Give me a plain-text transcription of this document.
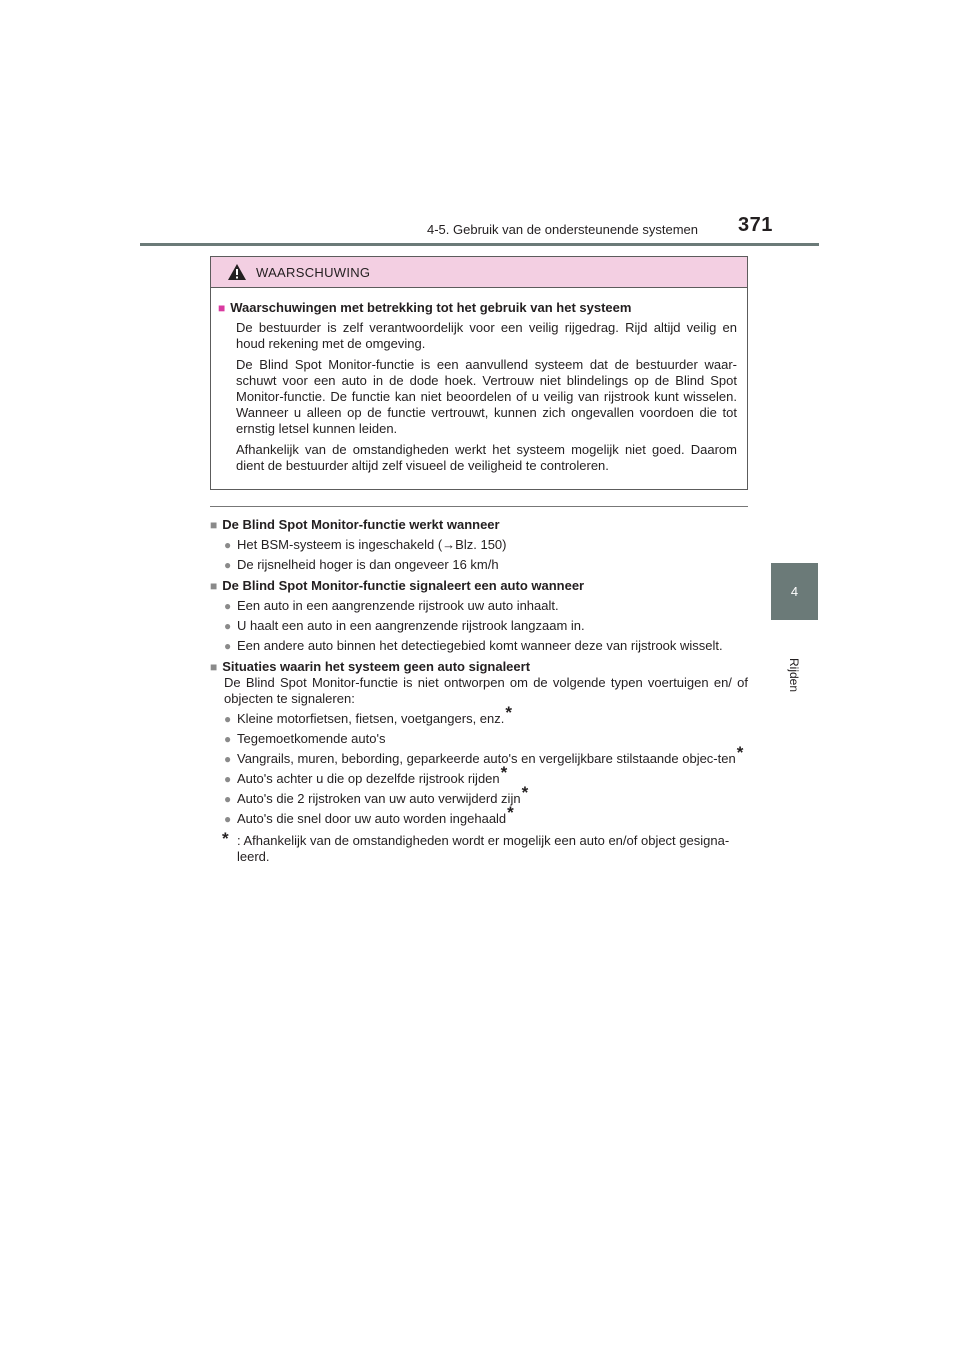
4-5. Gebruik van de ondersteunende systemen 371
4
Rijden
WAARSCHUWING
■ Waarschuwingen met betrekking tot het gebruik van het systeem

De bestuurder is zelf verantwoordelijk voor een veilig rijgedrag. Rijd altijd veilig en houd rekening met de omgeving.

De Blind Spot Monitor-functie is een aanvullend systeem dat de bestuurder waar-schuwt voor een auto in de dode hoek. Vertrouw niet blindelings op de Blind Spot Monitor-functie. De functie kan niet beoordelen of u veilig van rijstrook kunt wisselen. Wanneer u alleen op de functie vertrouwt, kunnen zich ongevallen voordoen die tot ernstig letsel kunnen leiden.

Afhankelijk van de omstandigheden werkt het systeem mogelijk niet goed. Daarom dient de bestuurder altijd zelf visueel de veiligheid te controleren.

■ De Blind Spot Monitor-functie werkt wanneer
● Het BSM-systeem is ingeschakeld (→Blz. 150)
● De rijsnelheid hoger is dan ongeveer 16 km/h
■ De Blind Spot Monitor-functie signaleert een auto wanneer
● Een auto in een aangrenzende rijstrook uw auto inhaalt.
● U haalt een auto in een aangrenzende rijstrook langzaam in.
● Een andere auto binnen het detectiegebied komt wanneer deze van rijstrook wisselt.
■ Situaties waarin het systeem geen auto signaleert
De Blind Spot Monitor-functie is niet ontworpen om de volgende typen voertuigen en/ of objecten te signaleren:
● Kleine motorfietsen, fietsen, voetgangers, enz.*
● Tegemoetkomende auto's
● Vangrails, muren, bebording, geparkeerde auto's en vergelijkbare stilstaande objec-ten*
● Auto's achter u die op dezelfde rijstrook rijden*
● Auto's die 2 rijstroken van uw auto verwijderd zijn*
● Auto's die snel door uw auto worden ingehaald*
* : Afhankelijk van de omstandigheden wordt er mogelijk een auto en/of object gesigna-leerd.
